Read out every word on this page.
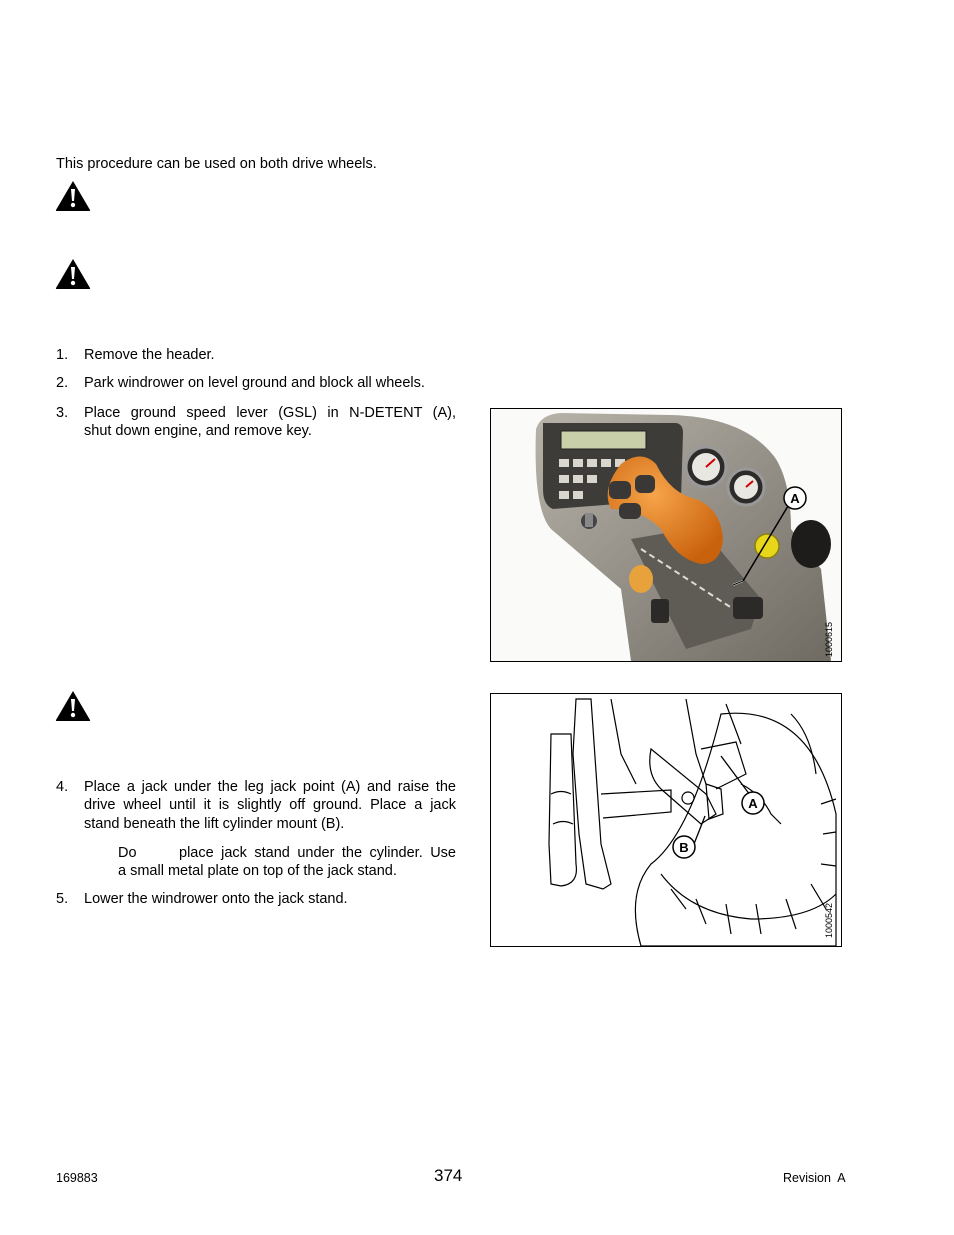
This procedure can be used on both drive wheels.
1.	Remove the header.
2.	Park windrower on level ground and block all wheels.
3.	Place ground speed lever (GSL) in N-DETENT (A),
shut down engine, and remove key.
4.	Place a jack under the leg jack point (A) and raise the
drive wheel until it is slightly off ground. Place a jack
stand beneath the lift cylinder mount (B).
Do	place jack stand under the cylinder. Use
a small metal plate on top of the jack stand.
5.	Lower the windrower onto the jack stand.
A
1000615
A
B
1000542
169883	374	Revision  A
